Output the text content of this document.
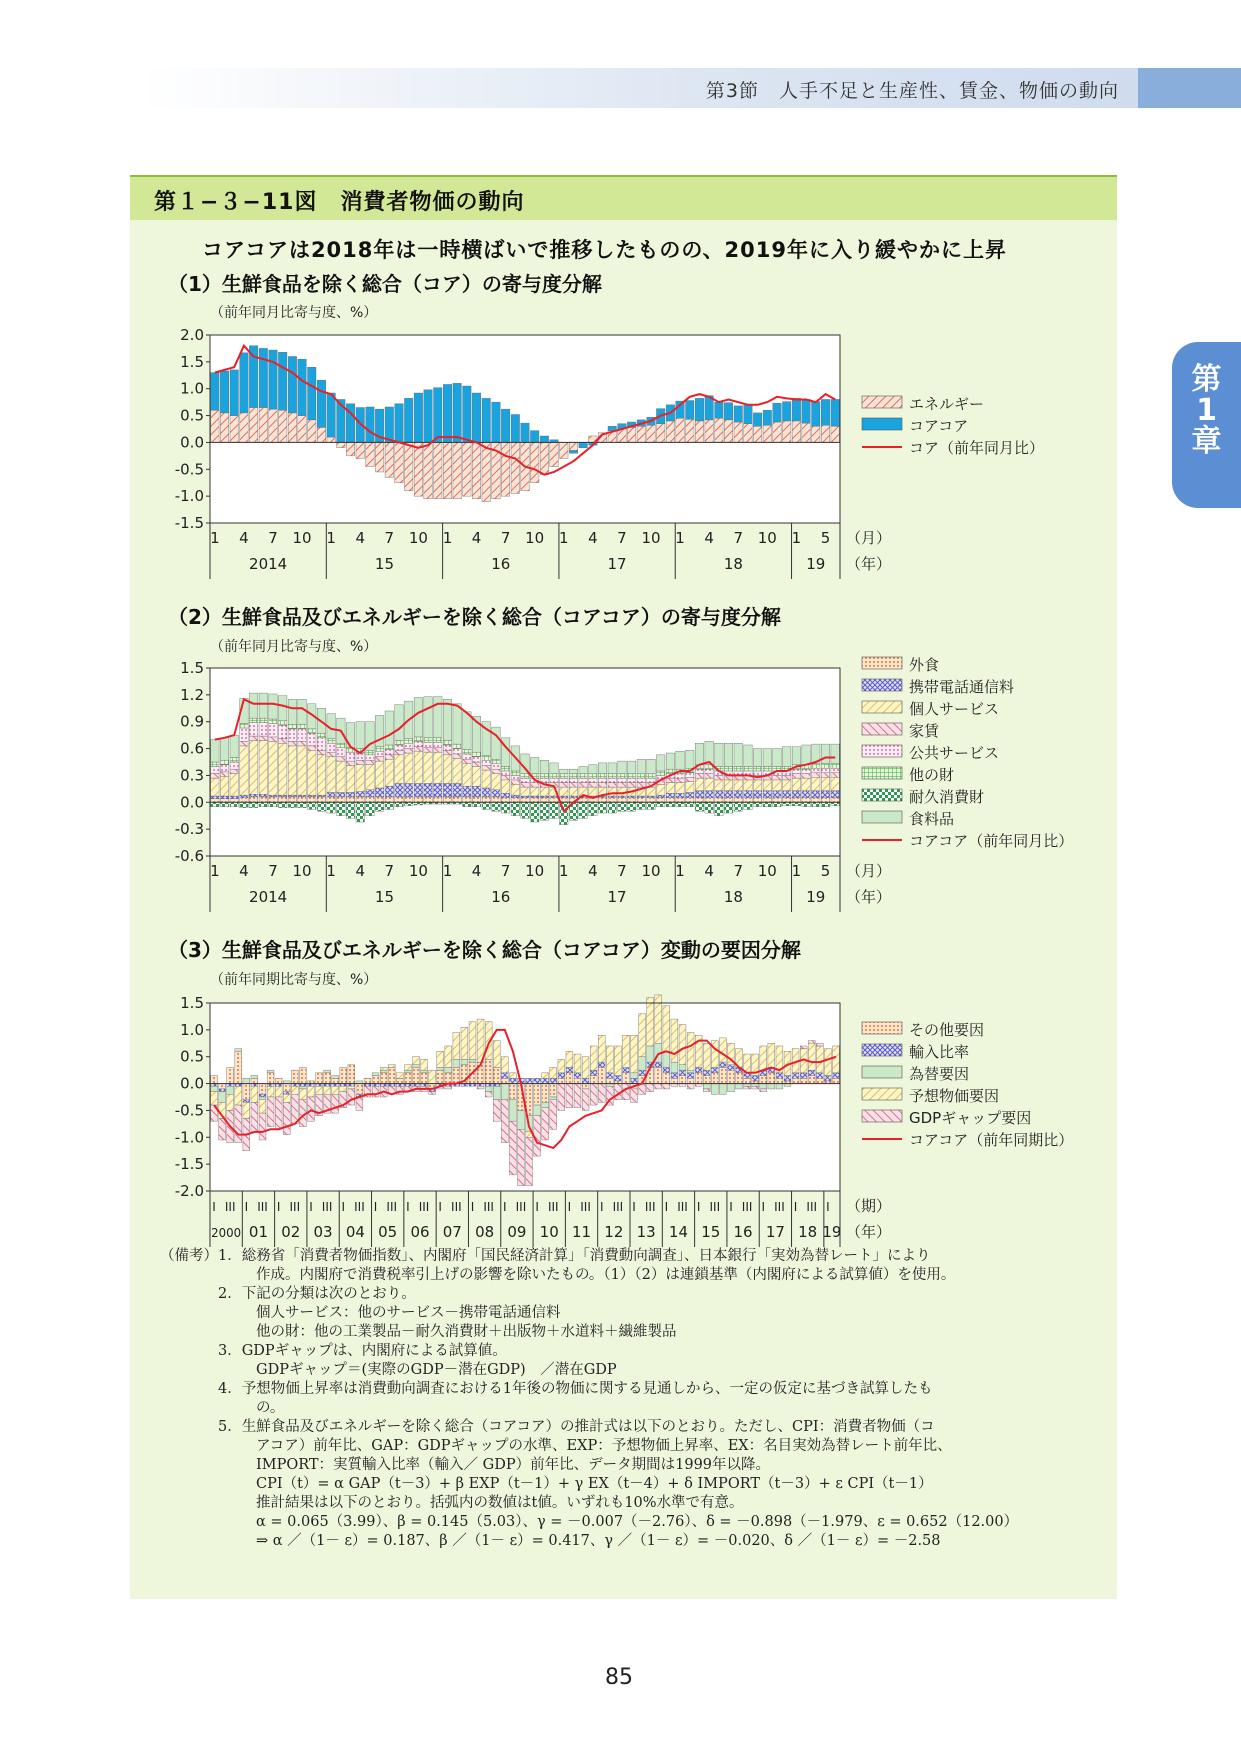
第3節　人手不足と生産性、賃金、物価の動向
第
1
章
第１−３−11図　消費者物価の動向
コアコアは2018年は一時横ばいで推移したものの、2019年に入り緩やかに上昇
（1）生鮮食品を除く総合（コア）の寄与度分解
（前年同月比寄与度、%）
（2）生鮮食品及びエネルギーを除く総合（コアコア）の寄与度分解
（前年同月比寄与度、%）
（3）生鮮食品及びエネルギーを除く総合（コアコア）変動の要因分解
（前年同期比寄与度、%）
2.0
1.5
1.0
0.5
0.0
-0.5
-1.0
-1.5
エネルギー
コアコア
コア（前年同月比）
1 4 7 10
2014
1 4 7 10
15
1 4 7 10
16
1 4 7 10
17
1 4 7 10
18
1 5
19
（月）
（年）
1.5
1.2
0.9
0.6
0.3
0.0
-0.3
-0.6
外食
携帯電話通信料
個人サービス
家賃
公共サービス
他の財
耐久消費財
食料品
コアコア（前年同月比）
1 4 7 10
2014
1 4 7 10
15
1 4 7 10
16
1 4 7 10
17
1 4 7 10
18
1 5
19
（月）
（年）
1.5
1.0
0.5
0.0
-0.5
-1.0
-1.5
-2.0
その他要因
輸入比率
為替要因
予想物価要因
GDPギャップ要因
コアコア（前年同期比）
I III
2000
I III
01
I III
02
I III
03
I III
04
I III
05
I III
06
I III
07
I III
08
I III
09
I III
10
I III
11
I III
12
I III
13
I III
14
I III
15
I III
16
I III
17
I III
18
I
19
（期）
（年）
（備考） 1．総務省「消費者物価指数」、内閣府「国民経済計算」「消費動向調査」、日本銀行「実効為替レート」により
作成。内閣府で消費税率引上げの影響を除いたもの。（1）（2）は連鎖基準（内閣府による試算値）を使用。
2．下記の分類は次のとおり。
個人サービス：他のサービス－携帯電話通信料
他の財：他の工業製品－耐久消費財＋出版物＋水道料＋繊維製品
3．GDPギャップは、内閣府による試算値。
GDPギャップ＝(実際のGDP－潜在GDP)　／潜在GDP
4．予想物価上昇率は消費動向調査における1年後の物価に関する見通しから、一定の仮定に基づき試算したも
の。
5．生鮮食品及びエネルギーを除く総合（コアコア）の推計式は以下のとおり。ただし、CPI：消費者物価（コ
アコア）前年比、GAP：GDPギャップの水準、EXP：予想物価上昇率、EX：名目実効為替レート前年比、
IMPORT：実質輸入比率（輸入／ GDP）前年比、データ期間は1999年以降。
CPI（t）= α GAP（t－3）+ β EXP（t－1）+ γ EX（t－4）+ δ IMPORT（t－3）+ ε CPI（t－1）
推計結果は以下のとおり。括弧内の数値はt値。いずれも10%水準で有意。
α = 0.065（3.99）、β = 0.145（5.03）、γ = －0.007（－2.76）、δ = －0.898（－1.979、ε = 0.652（12.00）
⇒ α ／（1－ ε）= 0.187、β ／（1－ ε）= 0.417、γ ／（1－ ε）= －0.020、δ ／（1－ ε）= －2.58
85
